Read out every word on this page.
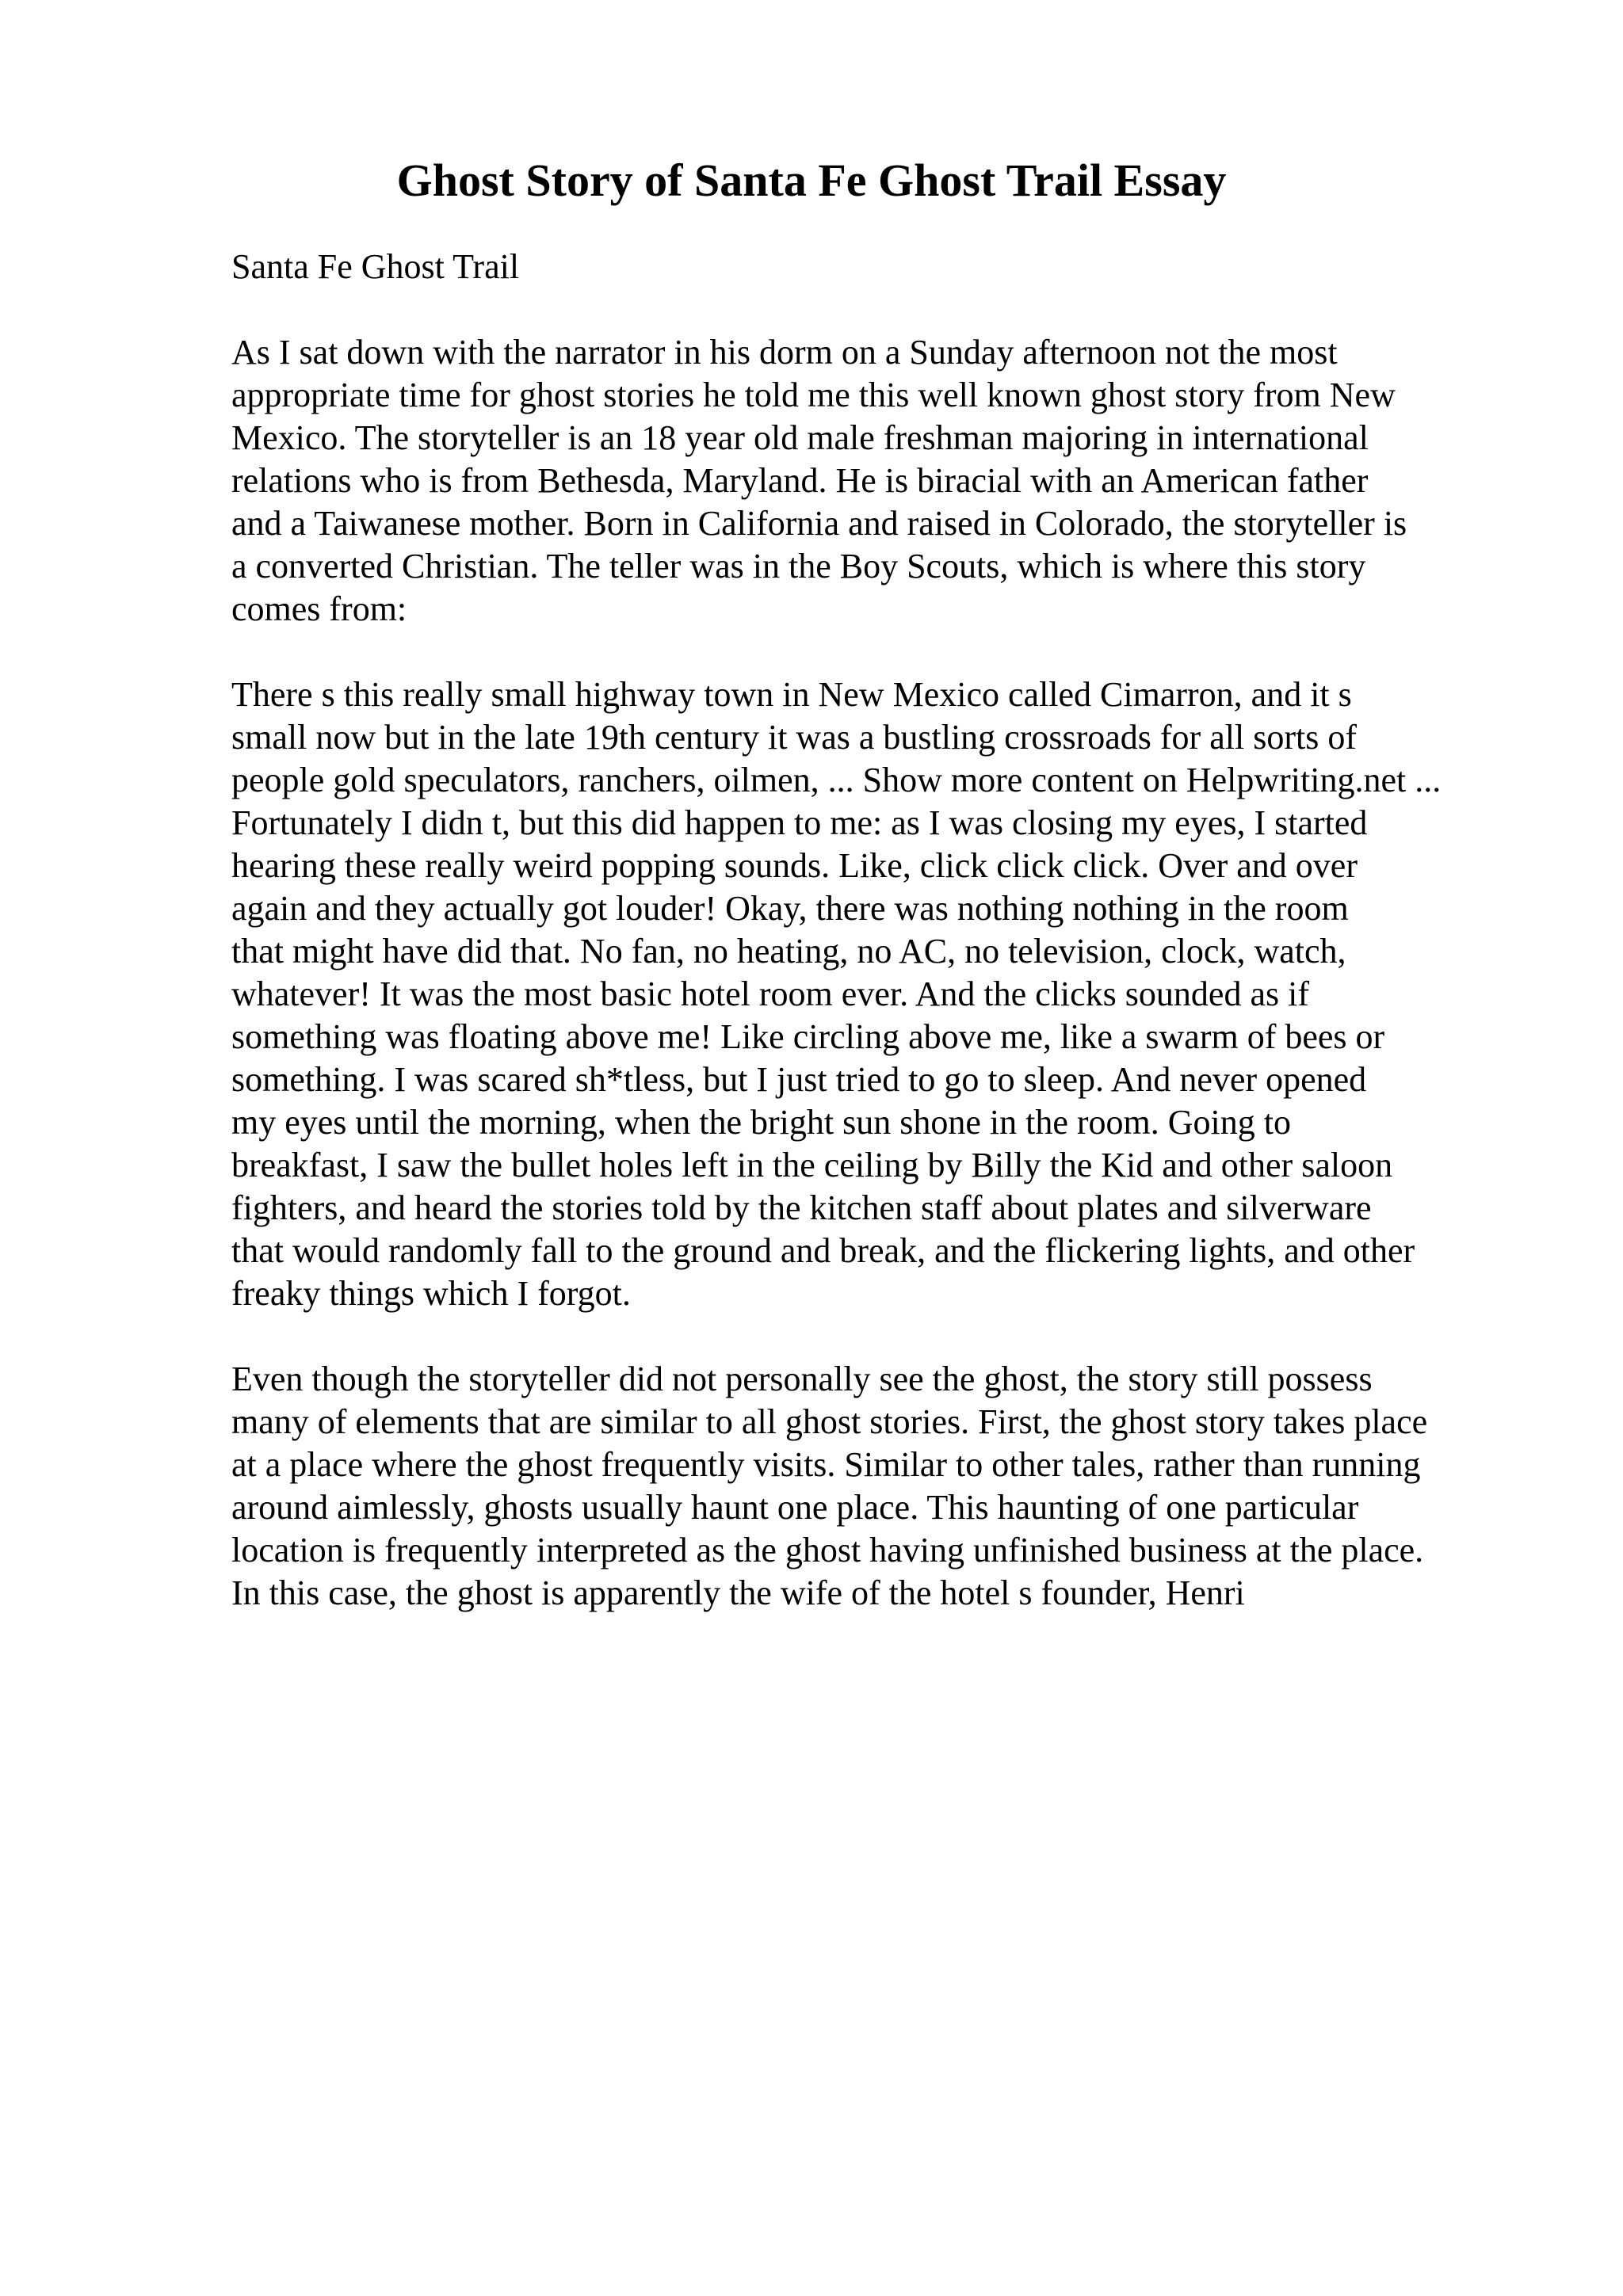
Ghost Story of Santa Fe Ghost Trail Essay

Santa Fe Ghost Trail

As I sat down with the narrator in his dorm on a Sunday afternoon not the most
appropriate time for ghost stories he told me this well known ghost story from New
Mexico. The storyteller is an 18 year old male freshman majoring in international
relations who is from Bethesda, Maryland. He is biracial with an American father
and a Taiwanese mother. Born in California and raised in Colorado, the storyteller is
a converted Christian. The teller was in the Boy Scouts, which is where this story
comes from:

There s this really small highway town in New Mexico called Cimarron, and it s
small now but in the late 19th century it was a bustling crossroads for all sorts of
people gold speculators, ranchers, oilmen, ... Show more content on Helpwriting.net ...
Fortunately I didn t, but this did happen to me: as I was closing my eyes, I started
hearing these really weird popping sounds. Like, click click click. Over and over
again and they actually got louder! Okay, there was nothing nothing in the room
that might have did that. No fan, no heating, no AC, no television, clock, watch,
whatever! It was the most basic hotel room ever. And the clicks sounded as if
something was floating above me! Like circling above me, like a swarm of bees or
something. I was scared sh*tless, but I just tried to go to sleep. And never opened
my eyes until the morning, when the bright sun shone in the room. Going to
breakfast, I saw the bullet holes left in the ceiling by Billy the Kid and other saloon
fighters, and heard the stories told by the kitchen staff about plates and silverware
that would randomly fall to the ground and break, and the flickering lights, and other
freaky things which I forgot.

Even though the storyteller did not personally see the ghost, the story still possess
many of elements that are similar to all ghost stories. First, the ghost story takes place
at a place where the ghost frequently visits. Similar to other tales, rather than running
around aimlessly, ghosts usually haunt one place. This haunting of one particular
location is frequently interpreted as the ghost having unfinished business at the place.
In this case, the ghost is apparently the wife of the hotel s founder, Henri
